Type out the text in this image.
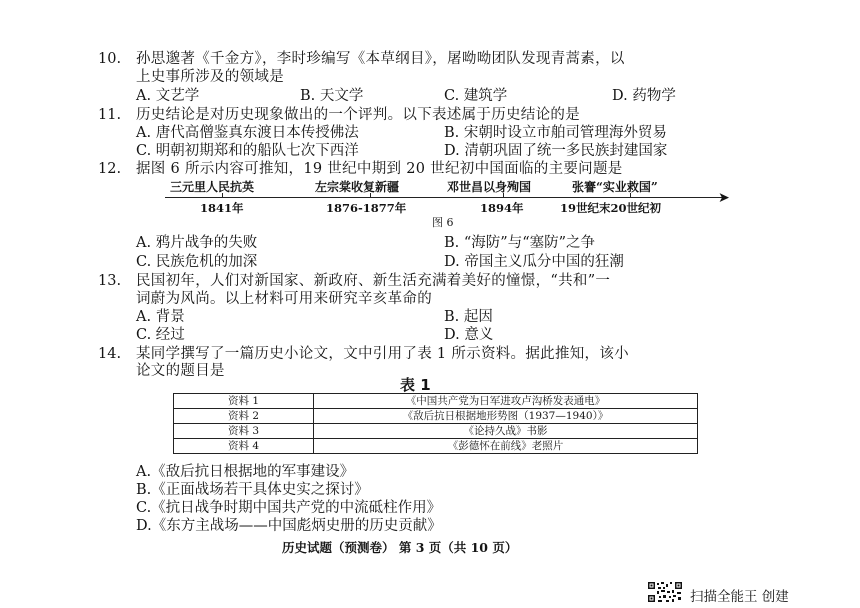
10. 孙思邈著《千金方》，李时珍编写《本草纲目》，屠呦呦团队发现青蒿素，以
上史事所涉及的领域是
A. 文艺学	B. 天文学	C. 建筑学	D. 药物学
11. 历史结论是对历史现象做出的一个评判。以下表述属于历史结论的是
A. 唐代高僧鉴真东渡日本传授佛法	B. 宋朝时设立市舶司管理海外贸易
C. 明朝初期郑和的船队七次下西洋	D. 清朝巩固了统一多民族封建国家
12. 据图 6 所示内容可推知，19 世纪中期到 20 世纪初中国面临的主要问题是
三元里人民抗英	左宗棠收复新疆	邓世昌以身殉国	张謇“实业救国”
➤
1841年	1876-1877年	1894年	19世纪末20世纪初
图 6
A. 鸦片战争的失败	B. “海防”与“塞防”之争
C. 民族危机的加深	D. 帝国主义瓜分中国的狂潮
13. 民国初年，人们对新国家、新政府、新生活充满着美好的憧憬，“共和”一
词蔚为风尚。以上材料可用来研究辛亥革命的
A. 背景	B. 起因
C. 经过	D. 意义
14. 某同学撰写了一篇历史小论文，文中引用了表 1 所示资料。据此推知，该小
论文的题目是
表 1
资料 1	《中国共产党为日军进攻卢沟桥发表通电》
资料 2	《敌后抗日根据地形势图（1937—1940）》
资料 3	《论持久战》书影
资料 4	《彭德怀在前线》老照片
A.《敌后抗日根据地的军事建设》
B.《正面战场若干具体史实之探讨》
C.《抗日战争时期中国共产党的中流砥柱作用》
D.《东方主战场——中国彪炳史册的历史贡献》
历史试题（预测卷） 第 3 页（共 10 页）
扫描全能王 创建
